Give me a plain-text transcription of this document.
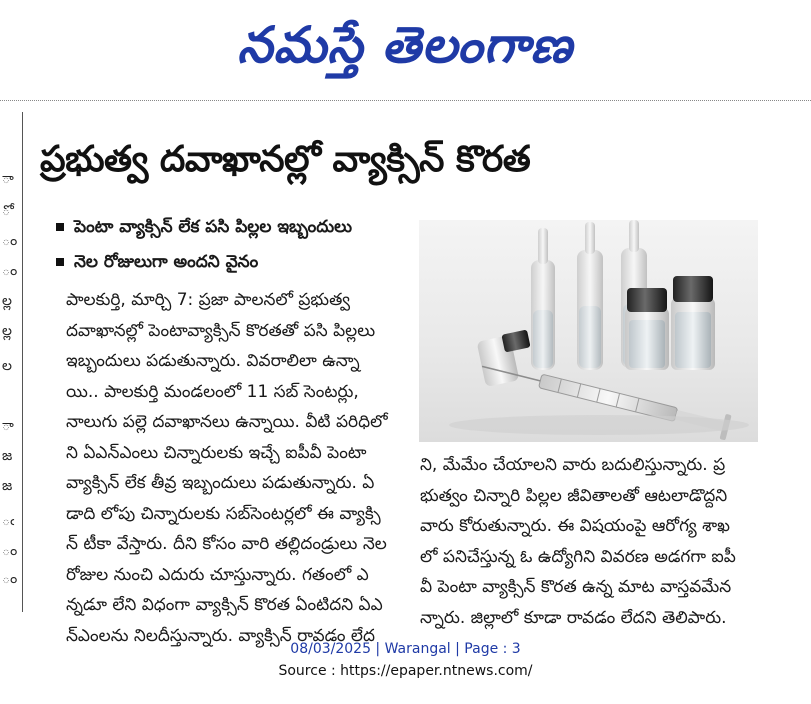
నమస్తే తెలంగాణ
ా
ో
ం
ం
ల్ల
ల్ల
ల
ా
జ
జ
ఁ
ం
ం
ప్రభుత్వ దవాఖానల్లో వ్యాక్సిన్ కొరత
పెంటా వ్యాక్సిన్ లేక పసి పిల్లల ఇబ్బందులు
నెల రోజులుగా అందని వైనం
పాలకుర్తి, మార్చి 7: ప్రజా పాలనలో ప్రభుత్వ
దవాఖానల్లో పెంటావ్యాక్సిన్ కొరతతో పసి పిల్లలు
ఇబ్బందులు పడుతున్నారు. వివరాలిలా ఉన్నా
యి.. పాలకుర్తి మండలంలో 11 సబ్ సెంటర్లు,
నాలుగు పల్లె దవాఖానలు ఉన్నాయి. వీటి పరిధిలో
ని ఏఎన్ఎంలు చిన్నారులకు ఇచ్చే ఐపీవీ పెంటా
వ్యాక్సిన్ లేక తీవ్ర ఇబ్బందులు పడుతున్నారు. ఏ
డాది లోపు చిన్నారులకు సబ్‌సెంటర్లలో ఈ వ్యాక్సి
న్ టీకా వేస్తారు. దీని కోసం వారి తల్లిదండ్రులు నెల
రోజుల నుంచి ఎదురు చూస్తున్నారు. గతంలో ఎ
న్నడూ లేని విధంగా వ్యాక్సిన్ కొరత ఏంటిదని ఏఎ
న్ఎంలను నిలదీస్తున్నారు. వ్యాక్సిన్ రావడం లేద
ని, మేమేం చేయాలని వారు బదులిస్తున్నారు. ప్ర
భుత్వం చిన్నారి పిల్లల జీవితాలతో ఆటలాడొద్దని
వారు కోరుతున్నారు. ఈ విషయంపై ఆరోగ్య శాఖ
లో పనిచేస్తున్న ఓ ఉద్యోగిని వివరణ అడగగా ఐపీ
వీ పెంటా వ్యాక్సిన్ కొరత ఉన్న మాట వాస్తవమేన
న్నారు. జిల్లాలో కూడా రావడం లేదని తెలిపారు.
08/03/2025 | Warangal | Page : 3
Source : https://epaper.ntnews.com/
